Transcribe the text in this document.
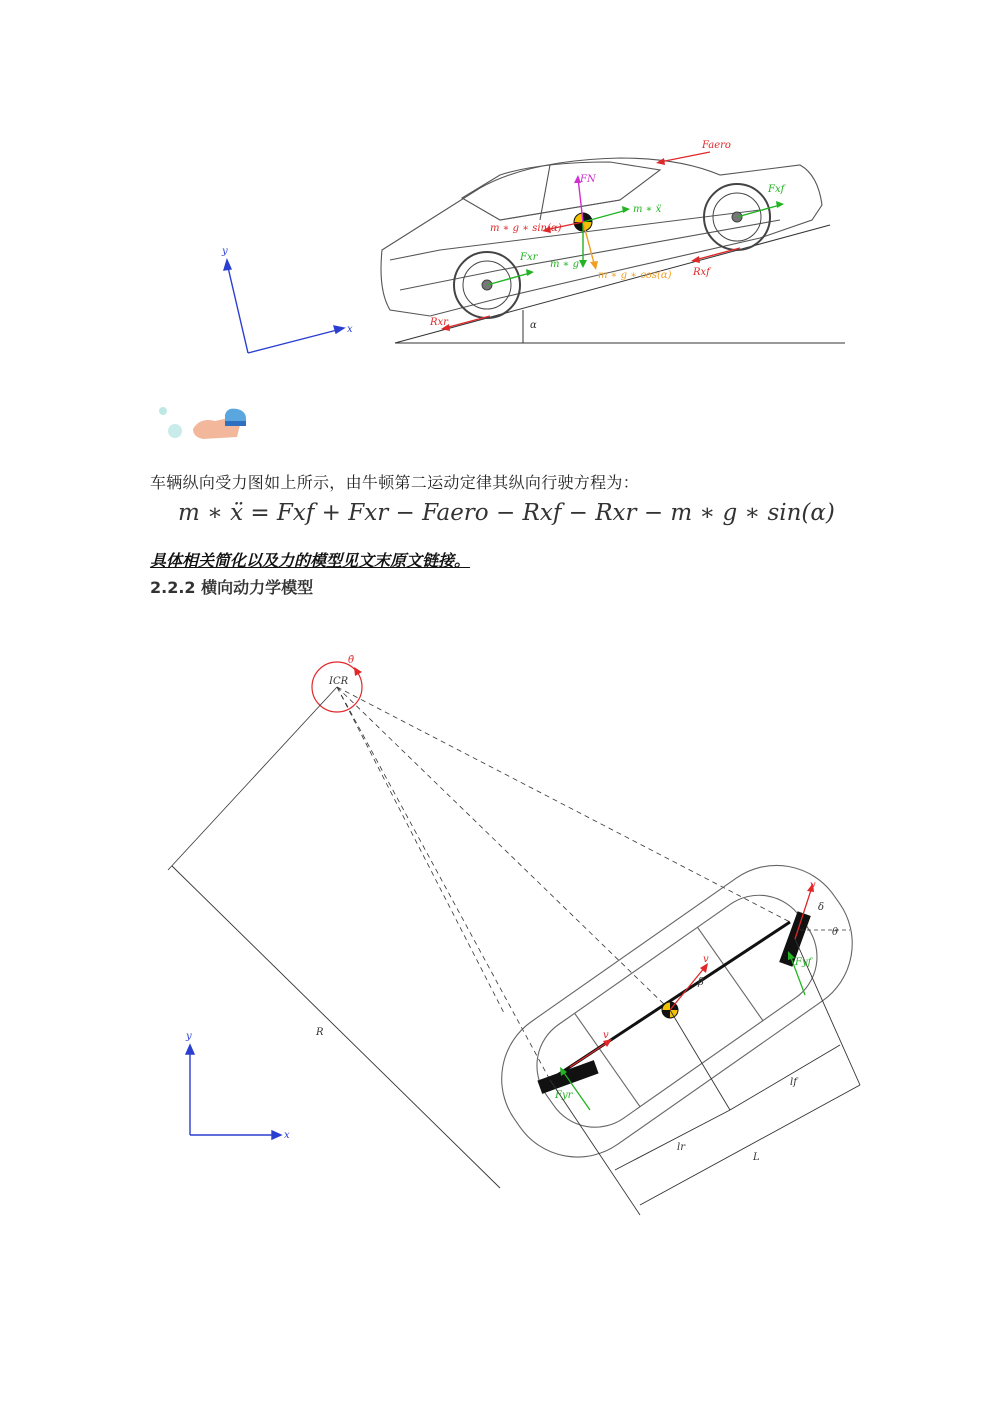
y
x	α
Faero
FN
Fxf
m ∗ ẍ
m ∗ g ∗ sin(α)
Fxr
m ∗ g
m ∗ g ∗ cos(α) Rxf
Rxr
车辆纵向受力图如上所示，由牛顿第二运动定律其纵向行驶方程为：
m ∗ ẍ = Fxf + Fxr − Faero − Rxf − Rxr − m ∗ g ∗ sin(α)
具体相关简化以及力的模型见文末原文链接。
2.2.2 横向动力学模型
y
x
ICR
θ̇
R
v
v
v
β
δ
θ
Fyf
Fyr
lr
lf
L
